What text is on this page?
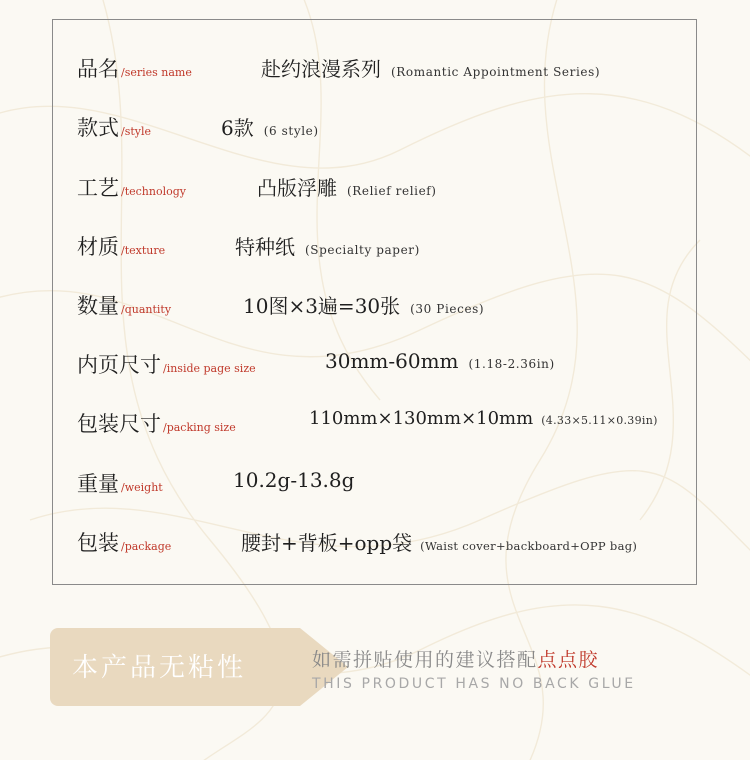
品名 /series name	赴约浪漫系列 (Romantic Appointment Series)
款式 /style	6款 (6 style)
工艺 /technology	凸版浮雕 (Relief relief)
材质 /texture	特种纸 (Specialty paper)
数量 /quantity	10图×3遍=30张 (30 Pieces)
内页尺寸 /inside page size	30mm-60mm (1.18-2.36in)
包装尺寸 /packing size	110mm×130mm×10mm (4.33×5.11×0.39in)
重量 /weight	10.2g-13.8g
包装 /package	腰封+背板+opp袋 (Waist cover+backboard+OPP bag)
本产品无粘性	如需拼贴使用的建议搭配点点胶
THIS PRODUCT HAS NO BACK GLUE
